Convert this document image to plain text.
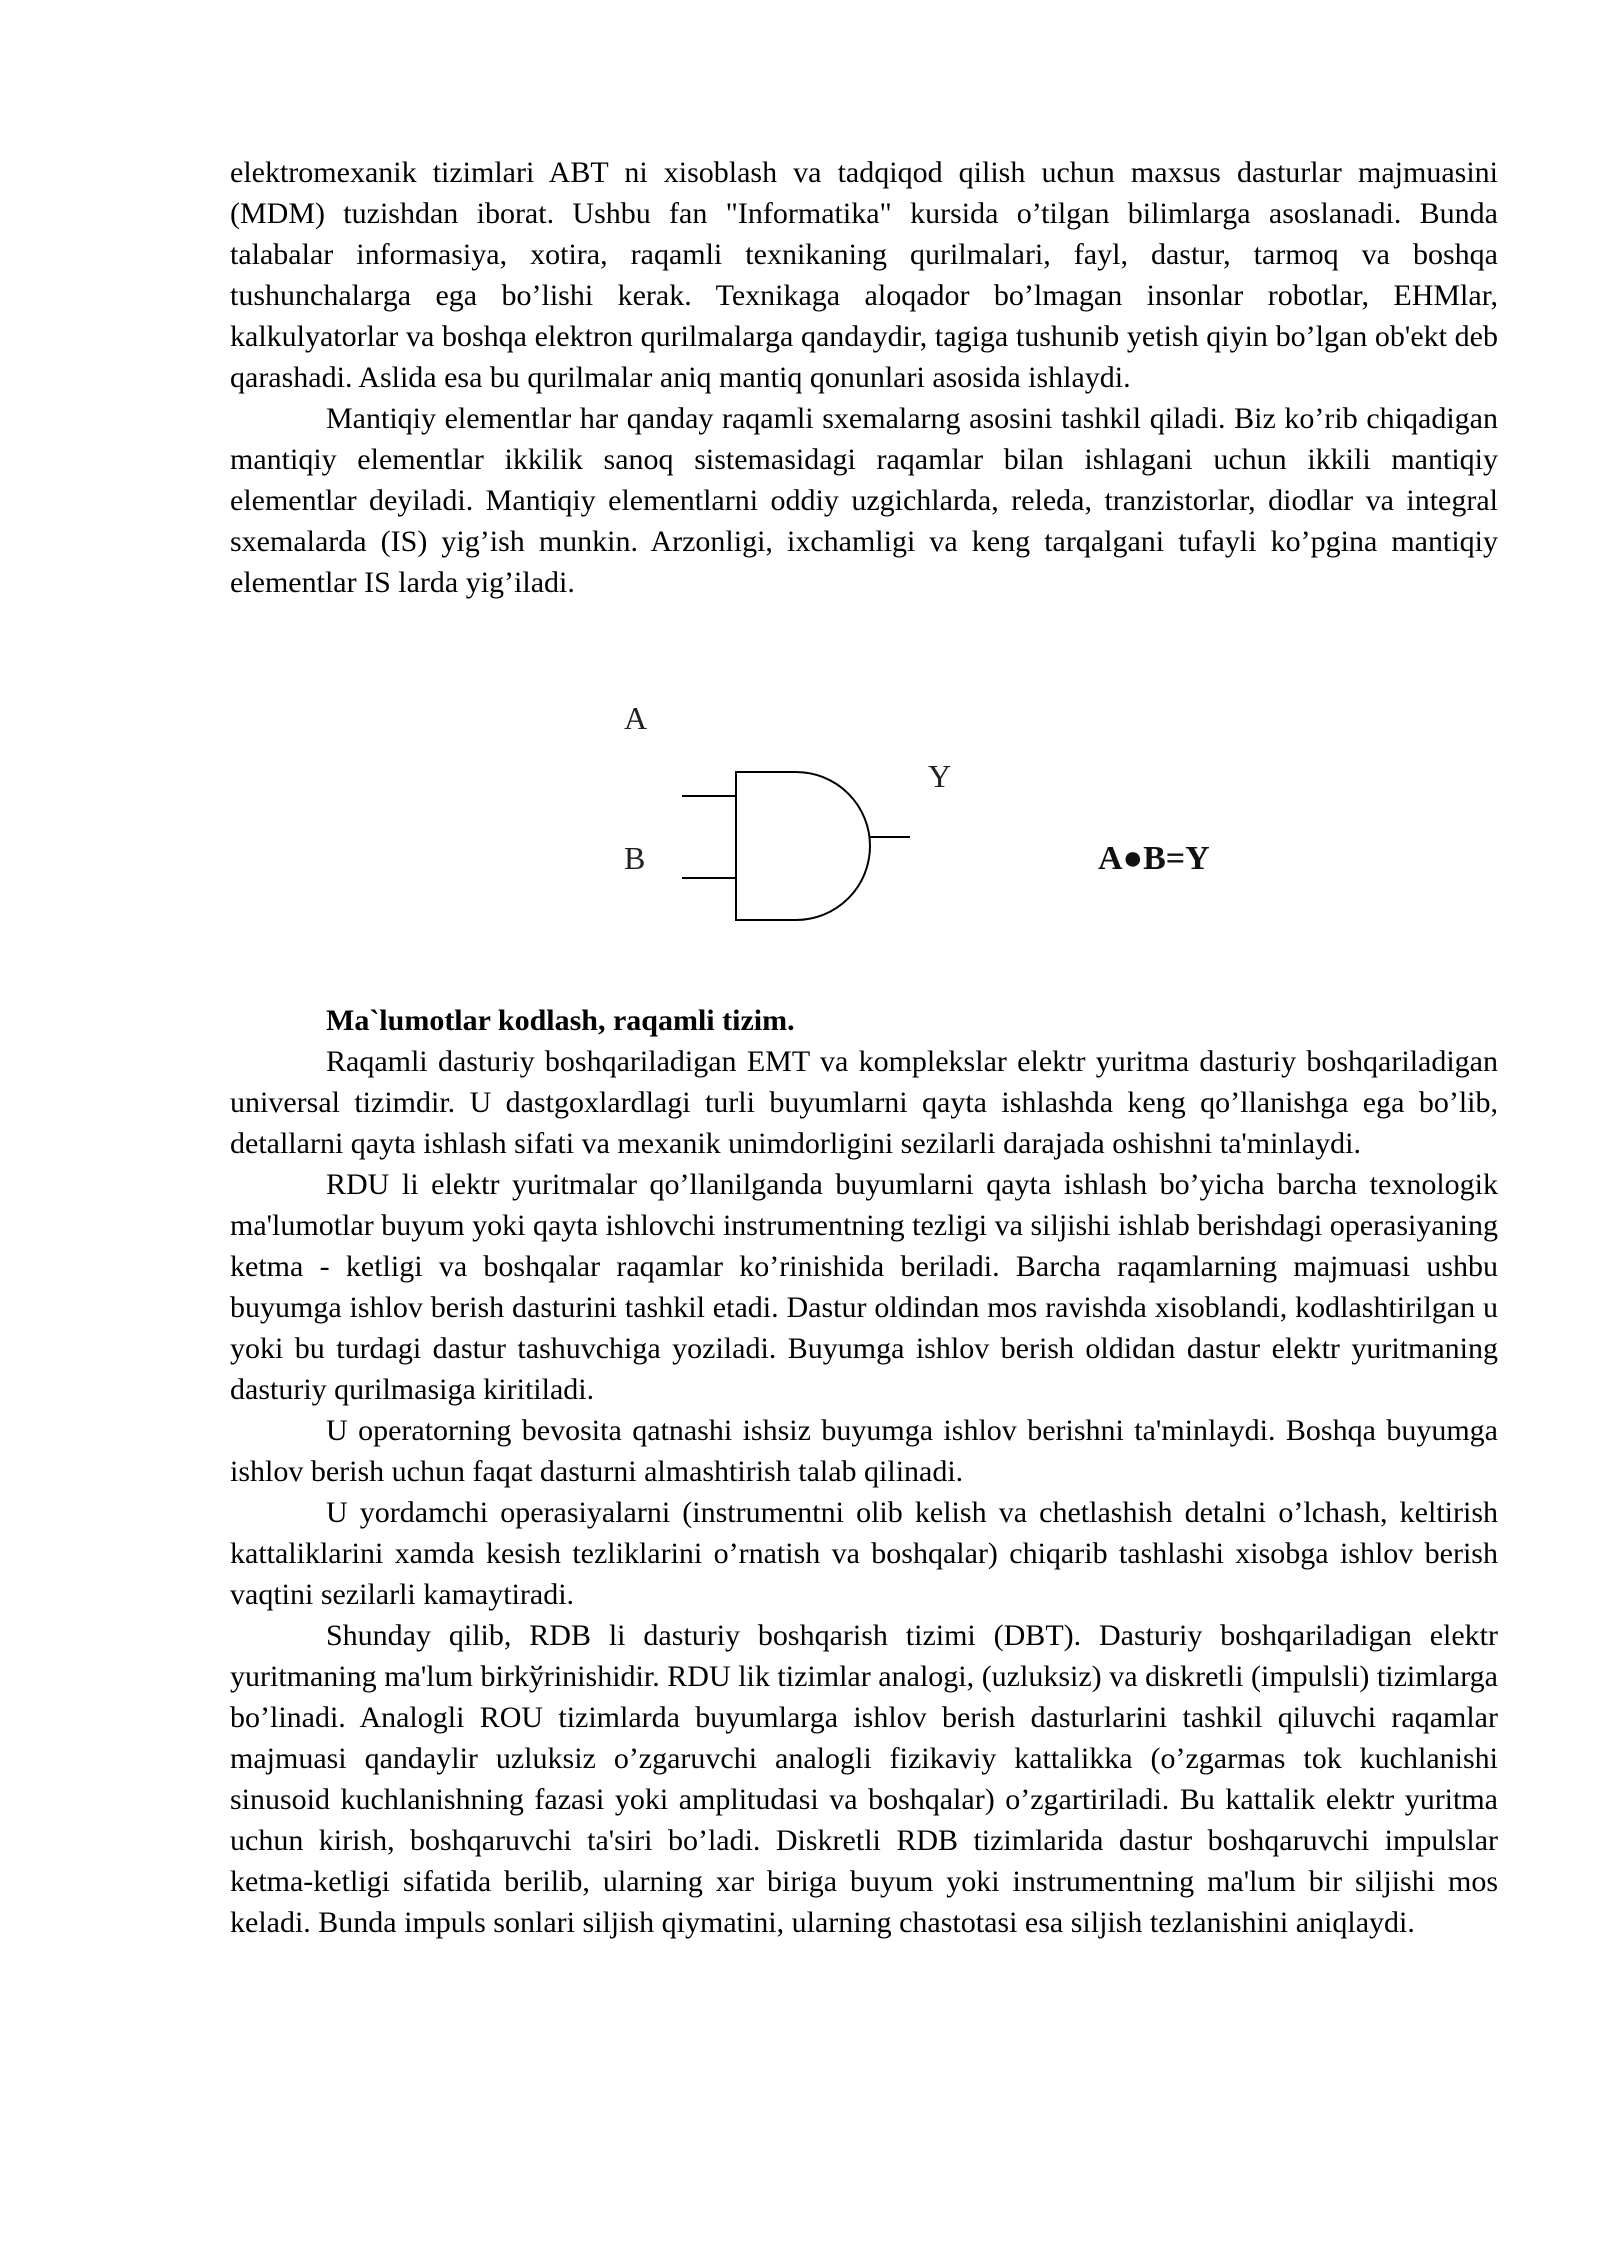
elektromexanik tizimlari ABT ni xisoblash va tadqiqod qilish uchun maxsus dasturlar majmuasini (MDM) tuzishdan iborat. Ushbu fan "Informatika" kursida o’tilgan bilimlarga asoslanadi. Bunda talabalar informasiya, xotira, raqamli texnikaning qurilmalari, fayl, dastur, tarmoq va boshqa tushunchalarga ega bo’lishi kerak. Texnikaga aloqador bo’lmagan insonlar robotlar, EHMlar, kalkulyatorlar va boshqa elektron qurilmalarga qandaydir, tagiga tushunib yetish qiyin bo’lgan ob'ekt deb qarashadi. Aslida esa bu qurilmalar aniq mantiq qonunlari asosida ishlaydi.

Mantiqiy elementlar har qanday raqamli sxemalarng asosini tashkil qiladi. Biz ko’rib chiqadigan mantiqiy elementlar ikkilik sanoq sistemasidagi raqamlar bilan ishlagani uchun ikkili mantiqiy elementlar deyiladi. Mantiqiy elementlarni oddiy uzgichlarda, releda, tranzistorlar, diodlar va integral sxemalarda (IS) yig’ish munkin. Arzonligi, ixchamligi va keng tarqalgani tufayli ko’pgina mantiqiy elementlar IS larda yig’iladi.

A
B
Y
A●B=Y

Ma`lumotlar kodlash, raqamli tizim.

Raqamli dasturiy boshqariladigan EMT va komplekslar elektr yuritma dasturiy boshqariladigan universal tizimdir. U dastgoxlardlagi turli buyumlarni qayta ishlashda keng qo’llanishga ega bo’lib, detallarni qayta ishlash sifati va mexanik unimdorligini sezilarli darajada oshishni ta'minlaydi.

RDU li elektr yuritmalar qo’llanilganda buyumlarni qayta ishlash bo’yicha barcha texnologik ma'lumotlar buyum yoki qayta ishlovchi instrumentning tezligi va siljishi ishlab berishdagi operasiyaning ketma - ketligi va boshqalar raqamlar ko’rinishida beriladi. Barcha raqamlarning majmuasi ushbu buyumga ishlov berish dasturini tashkil etadi. Dastur oldindan mos ravishda xisoblandi, kodlashtirilgan u yoki bu turdagi dastur tashuvchiga yoziladi. Buyumga ishlov berish oldidan dastur elektr yuritmaning dasturiy qurilmasiga kiritiladi.

U operatorning bevosita qatnashi ishsiz buyumga ishlov berishni ta'minlaydi. Boshqa buyumga ishlov berish uchun faqat dasturni almashtirish talab qilinadi.

U yordamchi operasiyalarni (instrumentni olib kelish va chetlashish detalni o’lchash, keltirish kattaliklarini xamda kesish tezliklarini o’rnatish va boshqalar) chiqarib tashlashi xisobga ishlov berish vaqtini sezilarli kamaytiradi.

Shunday qilib, RDB li dasturiy boshqarish tizimi (DBT). Dasturiy boshqariladigan elektr yuritmaning ma'lum birkўrinishidir. RDU lik tizimlar analogi, (uzluksiz) va diskretli (impulsli) tizimlarga bo’linadi. Analogli ROU tizimlarda buyumlarga ishlov berish dasturlarini tashkil qiluvchi raqamlar majmuasi qandaylir uzluksiz o’zgaruvchi analogli fizikaviy kattalikka (o’zgarmas tok kuchlanishi sinusoid kuchlanishning fazasi yoki amplitudasi va boshqalar) o’zgartiriladi. Bu kattalik elektr yuritma uchun kirish, boshqaruvchi ta'siri bo’ladi. Diskretli RDB tizimlarida dastur boshqaruvchi impulslar ketma-ketligi sifatida berilib, ularning xar biriga buyum yoki instrumentning ma'lum bir siljishi mos keladi. Bunda impuls sonlari siljish qiymatini, ularning chastotasi esa siljish tezlanishini aniqlaydi.
